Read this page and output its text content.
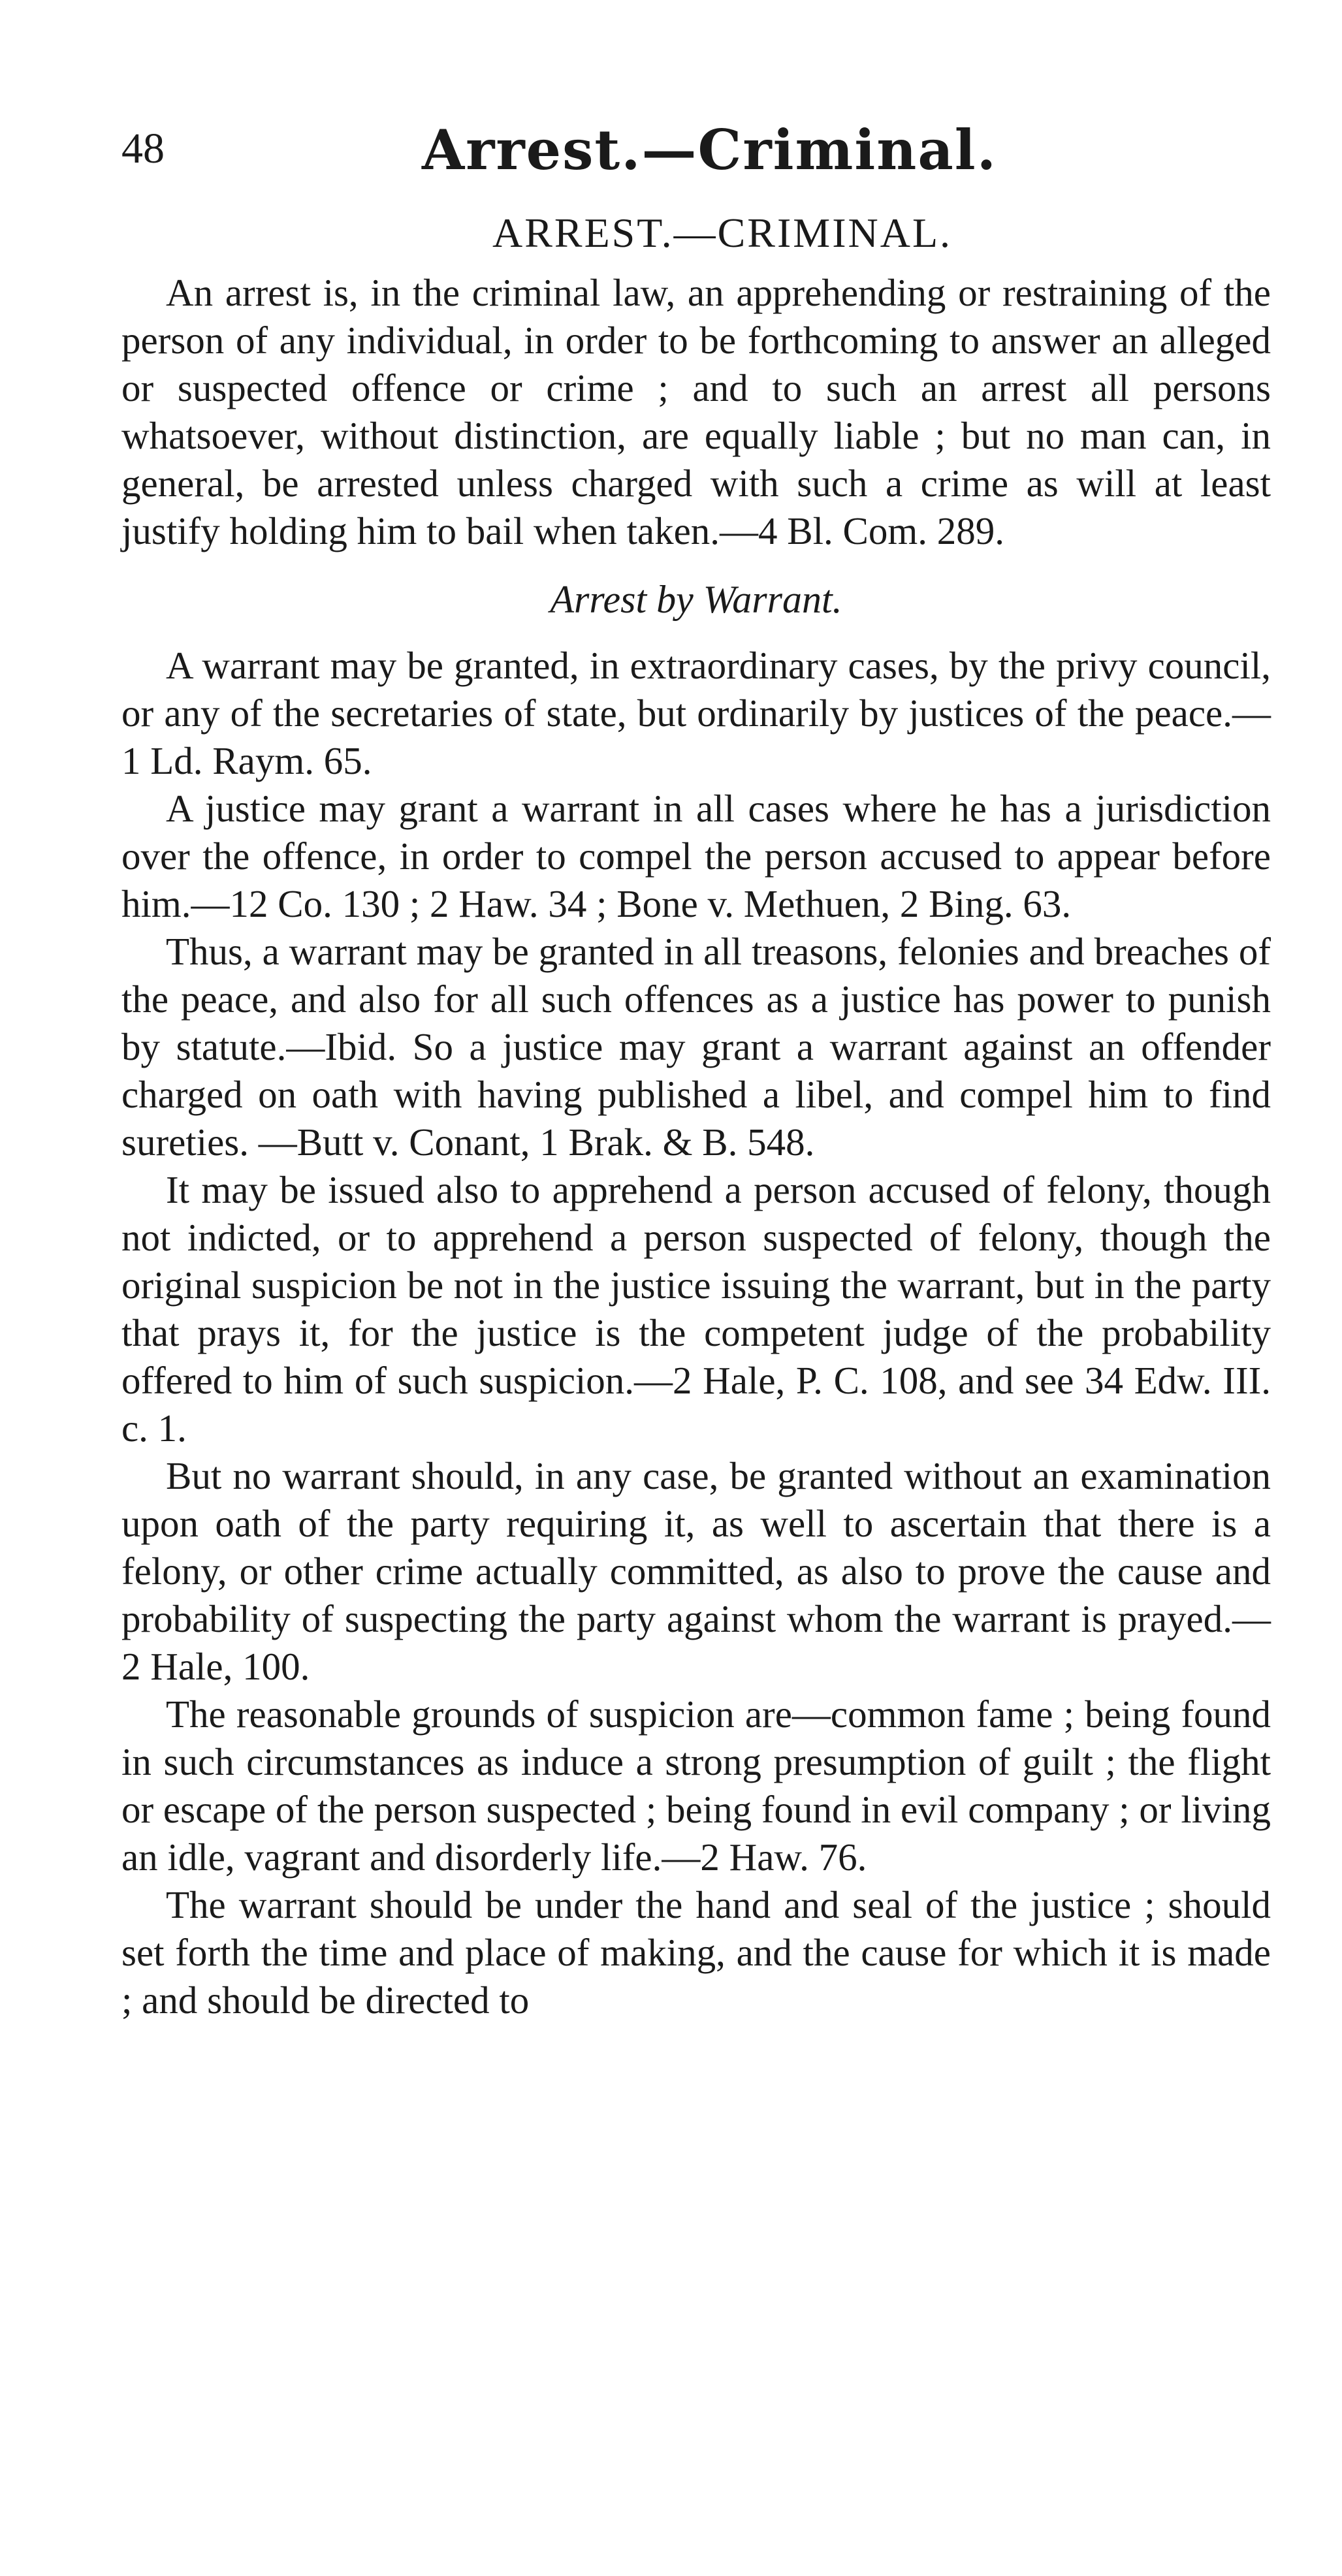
48	Arrest.—Criminal.
ARREST.—CRIMINAL.

An arrest is, in the criminal law, an apprehending or restraining of the person of any individual, in order to be forthcoming to answer an alleged or suspected offence or crime ; and to such an arrest all persons whatsoever, without distinction, are equally liable ; but no man can, in general, be arrested unless charged with such a crime as will at least justify holding him to bail when taken.—4 Bl. Com. 289.

Arrest by Warrant.

A warrant may be granted, in extraordinary cases, by the privy council, or any of the secretaries of state, but ordinarily by justices of the peace.—1 Ld. Raym. 65.

A justice may grant a warrant in all cases where he has a jurisdiction over the offence, in order to compel the person accused to appear before him.—12 Co. 130 ; 2 Haw. 34 ; Bone v. Methuen, 2 Bing. 63.

Thus, a warrant may be granted in all treasons, felonies and breaches of the peace, and also for all such offences as a justice has power to punish by statute.—Ibid. So a justice may grant a warrant against an offender charged on oath with having published a libel, and compel him to find sureties. —Butt v. Conant, 1 Brak. & B. 548.

It may be issued also to apprehend a person accused of felony, though not indicted, or to apprehend a person suspected of felony, though the original suspicion be not in the justice issuing the warrant, but in the party that prays it, for the justice is the competent judge of the probability offered to him of such suspicion.—2 Hale, P. C. 108, and see 34 Edw. III. c. 1.

But no warrant should, in any case, be granted without an examination upon oath of the party requiring it, as well to ascertain that there is a felony, or other crime actually committed, as also to prove the cause and probability of suspecting the party against whom the warrant is prayed.—2 Hale, 100.

The reasonable grounds of suspicion are—common fame ; being found in such circumstances as induce a strong presumption of guilt ; the flight or escape of the person suspected ; being found in evil company ; or living an idle, vagrant and disorderly life.—2 Haw. 76.

The warrant should be under the hand and seal of the justice ; should set forth the time and place of making, and the cause for which it is made ; and should be directed to
